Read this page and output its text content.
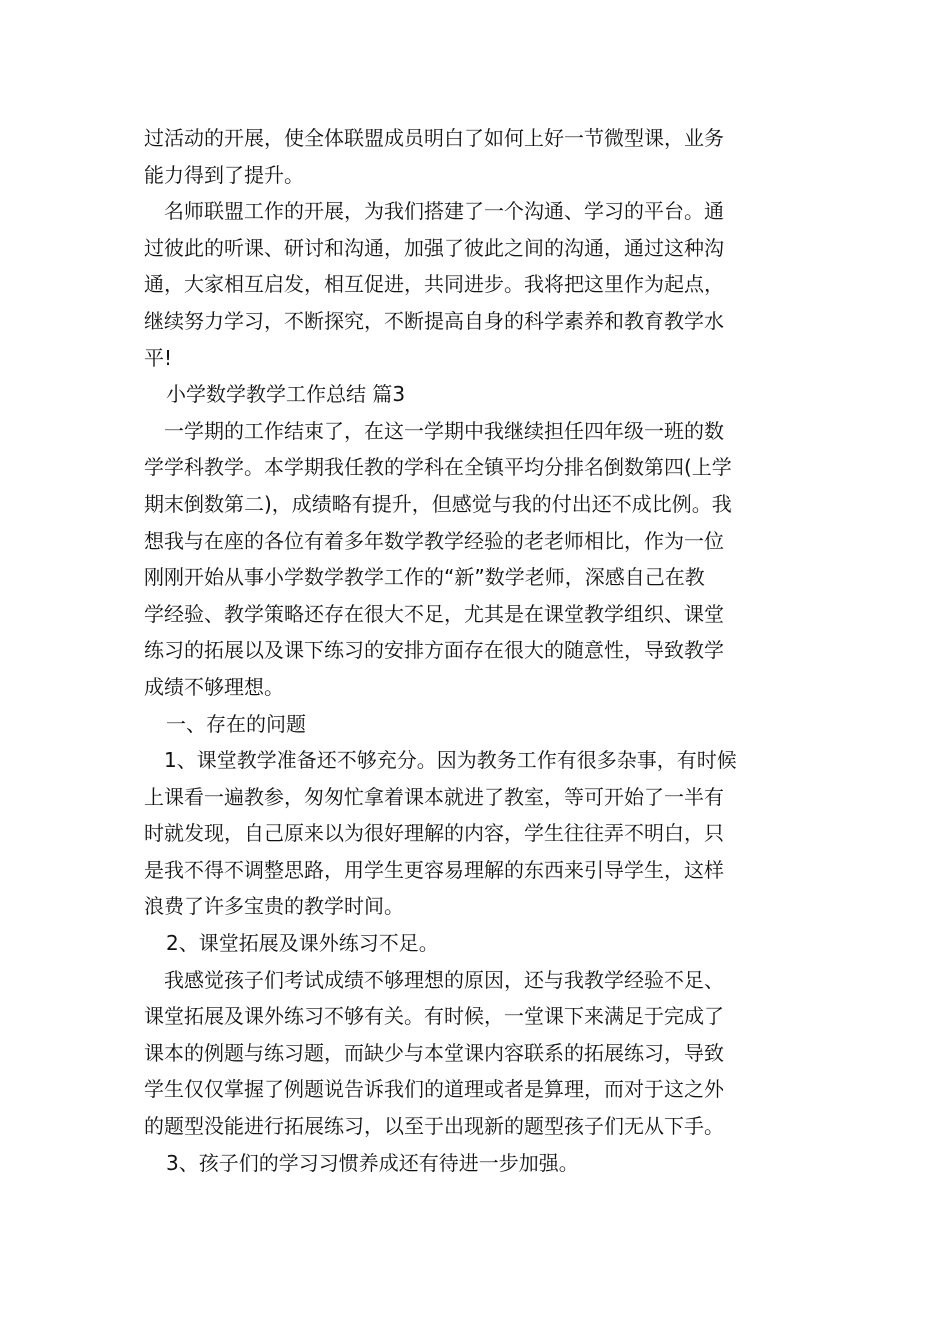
过活动的开展，使全体联盟成员明白了如何上好一节微型课，业务
能力得到了提升。
名师联盟工作的开展，为我们搭建了一个沟通、学习的平台。通
过彼此的听课、研讨和沟通，加强了彼此之间的沟通，通过这种沟
通，大家相互启发，相互促进，共同进步。我将把这里作为起点，
继续努力学习，不断探究，不断提高自身的科学素养和教育教学水
平!
小学数学教学工作总结 篇3
一学期的工作结束了，在这一学期中我继续担任四年级一班的数
学学科教学。本学期我任教的学科在全镇平均分排名倒数第四(上学
期末倒数第二)，成绩略有提升，但感觉与我的付出还不成比例。我
想我与在座的各位有着多年数学教学经验的老老师相比，作为一位
刚刚开始从事小学数学教学工作的“新”数学老师，深感自己在教
学经验、教学策略还存在很大不足，尤其是在课堂教学组织、课堂
练习的拓展以及课下练习的安排方面存在很大的随意性，导致教学
成绩不够理想。
一、存在的问题
1、课堂教学准备还不够充分。因为教务工作有很多杂事，有时候
上课看一遍教参，匆匆忙拿着课本就进了教室，等可开始了一半有
时就发现，自己原来以为很好理解的内容，学生往往弄不明白，只
是我不得不调整思路，用学生更容易理解的东西来引导学生，这样
浪费了许多宝贵的教学时间。
2、课堂拓展及课外练习不足。
我感觉孩子们考试成绩不够理想的原因，还与我教学经验不足、
课堂拓展及课外练习不够有关。有时候，一堂课下来满足于完成了
课本的例题与练习题，而缺少与本堂课内容联系的拓展练习，导致
学生仅仅掌握了例题说告诉我们的道理或者是算理，而对于这之外
的题型没能进行拓展练习，以至于出现新的题型孩子们无从下手。
3、孩子们的学习习惯养成还有待进一步加强。
